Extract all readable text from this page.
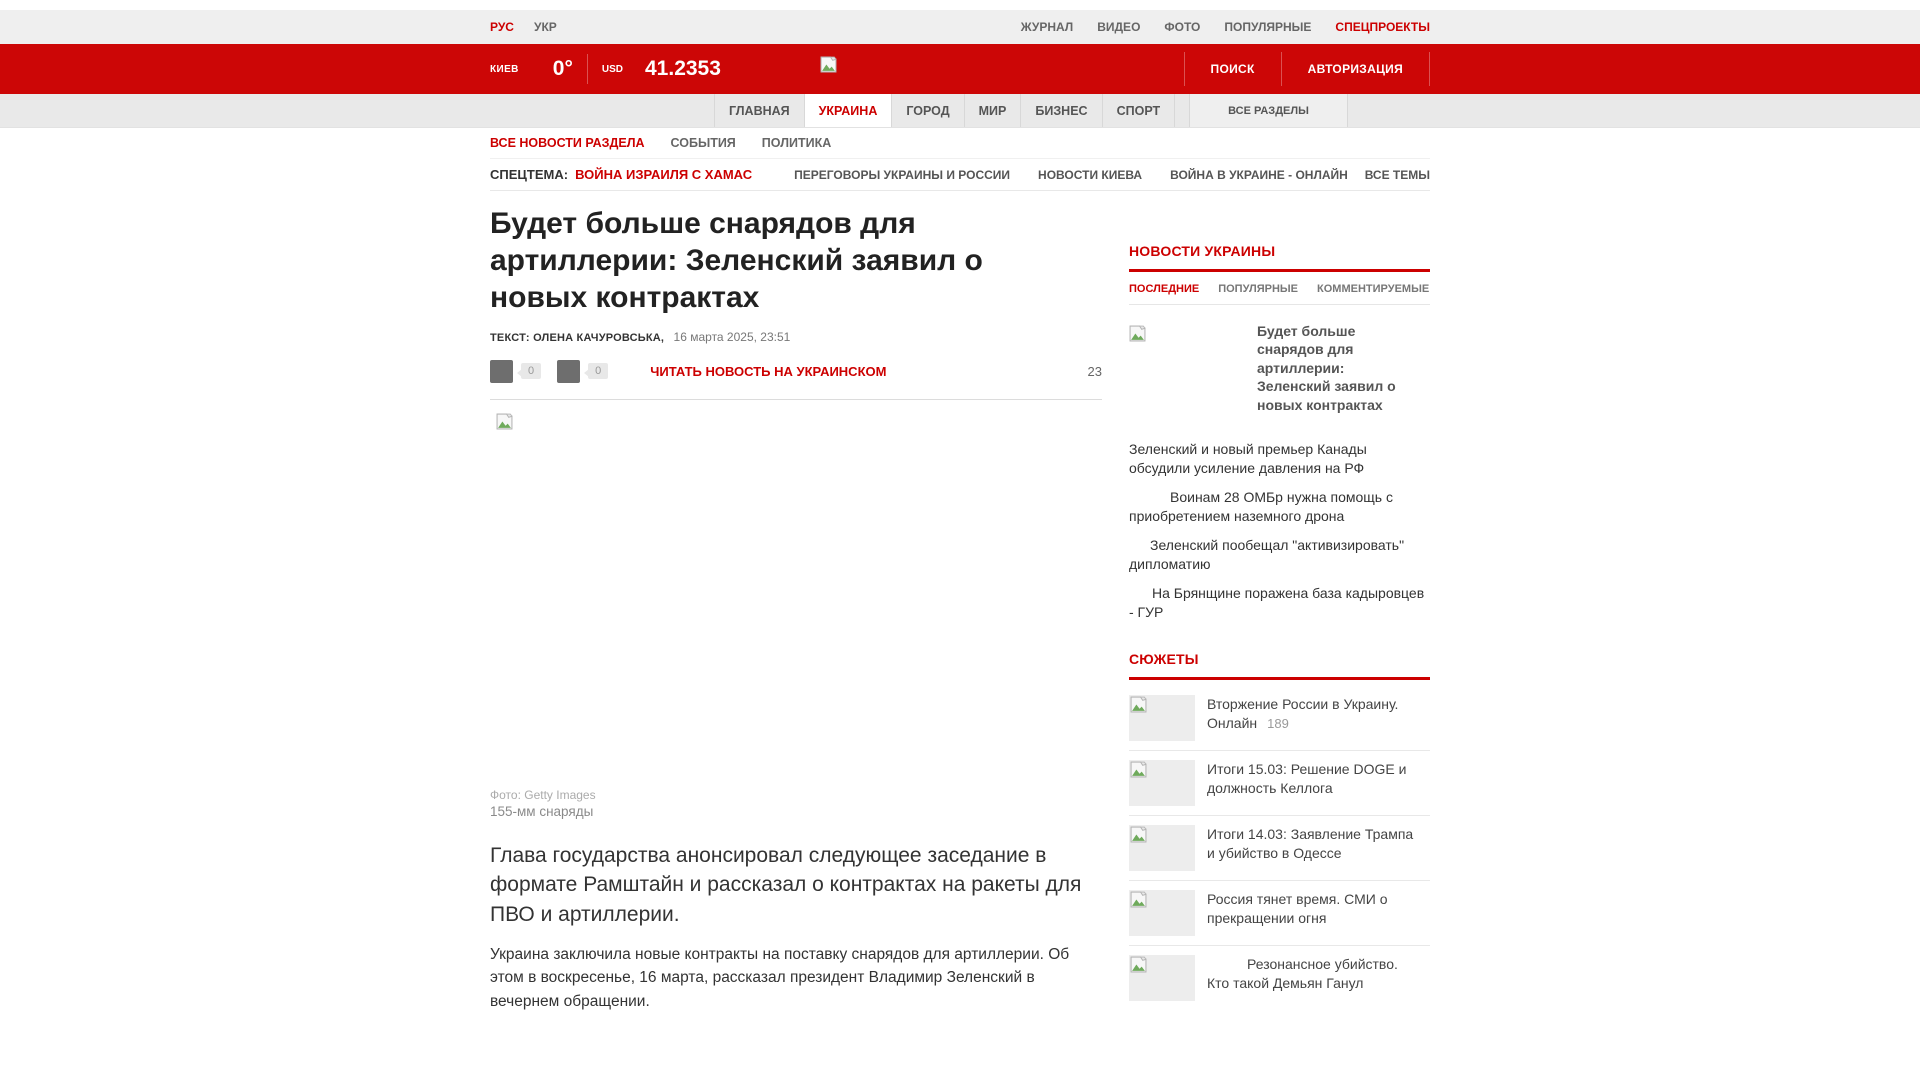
РУС УКР	ЖУРНАЛ ВИДЕО ФОТО ПОПУЛЯРНЫЕ СПЕЦПРОЕКТЫ
КИЕВ 0°	USD 41.2353	ПОИСК	АВТОРИЗАЦИЯ
ГЛАВНАЯ	УКРАИНА	ГОРОД	МИР	БИЗНЕС	СПОРТ	ВСЕ РАЗДЕЛЫ
ВСЕ НОВОСТИ РАЗДЕЛА СОБЫТИЯ ПОЛИТИКА
СПЕЦТЕМА: ВОЙНА ИЗРАИЛЯ С ХАМАС	ПЕРЕГОВОРЫ УКРАИНЫ И РОССИИ НОВОСТИ КИЕВА ВОЙНА В УКРАИНЕ - ОНЛАЙН ВСЕ ТЕМЫ
Будет больше снарядов для артиллерии: Зеленский заявил о новых контрактах
ТЕКСТ: ОЛЕНА КАЧУРОВСЬКА, 16 марта 2025, 23:51
0	0	ЧИТАТЬ НОВОСТЬ НА УКРАИНСКОМ	23
Фото: Getty Images
155-мм снаряды

Глава государства анонсировал следующее заседание в формате Рамштайн и рассказал о контрактах на ракеты для ПВО и артиллерии.

Украина заключила новые контракты на поставку снарядов для артиллерии. Об этом в воскресенье, 16 марта, рассказал президент Владимир Зеленский в вечернем обращении.

НОВОСТИ УКРАИНЫ
ПОСЛЕДНИЕ ПОПУЛЯРНЫЕ КОММЕНТИРУЕМЫЕ
Будет больше снарядов для артиллерии: Зеленский заявил о новых контрактах
Зеленский и новый премьер Канады обсудили усиление давления на РФ
Воинам 28 ОМБр нужна помощь с приобретением наземного дрона
Зеленский пообещал "активизировать" дипломатию
На Брянщине поражена база кадыровцев - ГУР
СЮЖЕТЫ
Вторжение России в Украину. Онлайн 189
Итоги 15.03: Решение DOGE и должность Келлога
Итоги 14.03: Заявление Трампа и убийство в Одессе
Россия тянет время. СМИ о прекращении огня
Резонансное убийство. Кто такой Демьян Ганул
